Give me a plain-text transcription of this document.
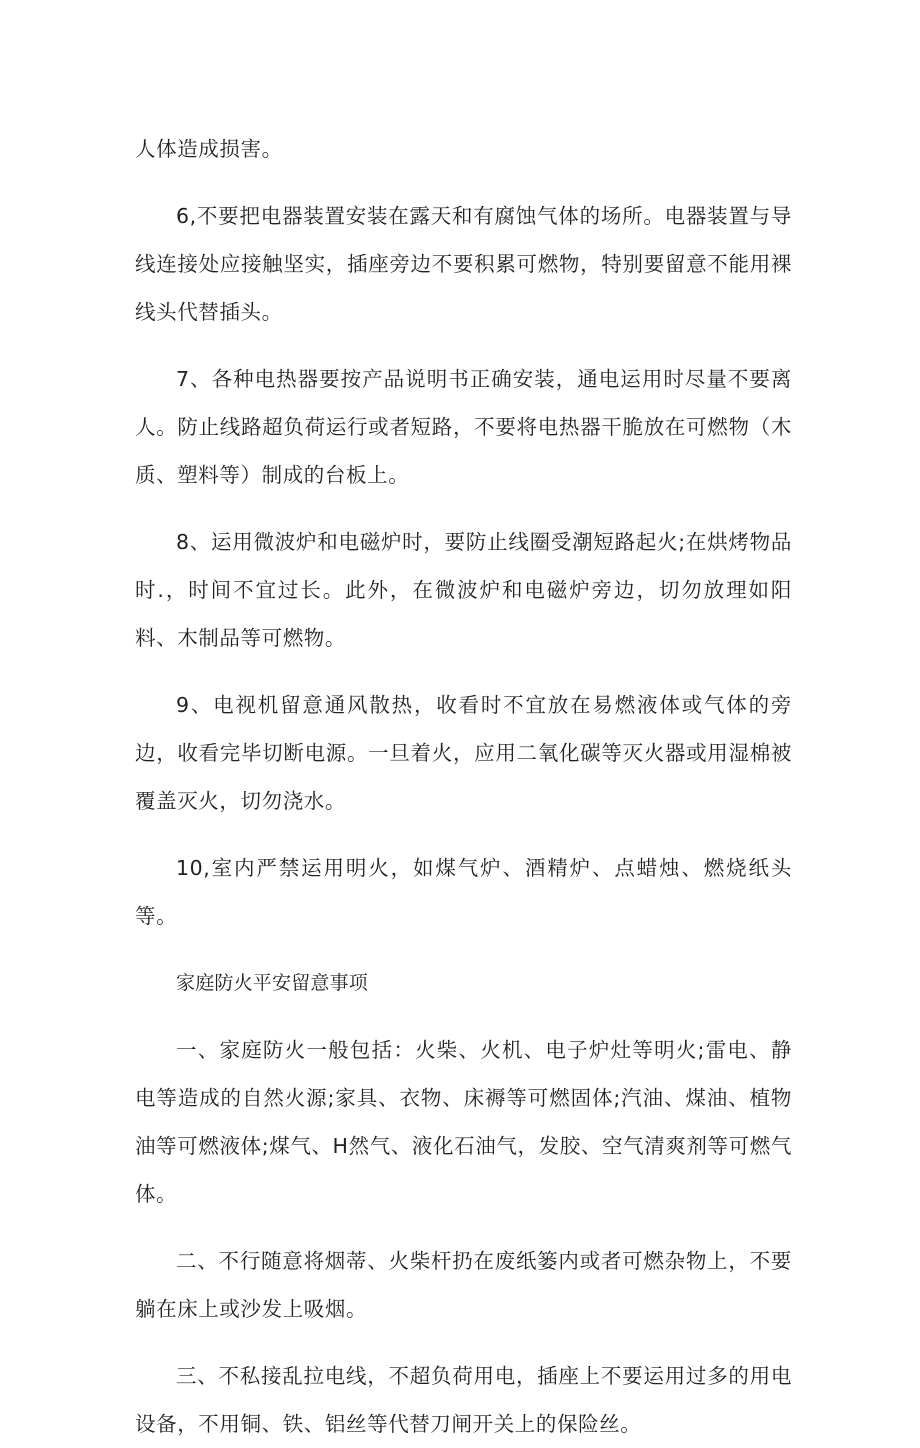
人体造成损害。

6,不要把电器装置安装在露天和有腐蚀气体的场所。电器装置与导线连接处应接触坚实，插座旁边不要积累可燃物，特别要留意不能用裸线头代替插头。

7、各种电热器要按产品说明书正确安装，通电运用时尽量不要离人。防止线路超负荷运行或者短路，不要将电热器干脆放在可燃物（木质、塑料等）制成的台板上。

8、运用微波炉和电磁炉时，要防止线圈受潮短路起火;在烘烤物品时.，时间不宜过长。此外，在微波炉和电磁炉旁边，切勿放理如阳料、木制品等可燃物。

9、电视机留意通风散热，收看时不宜放在易燃液体或气体的旁边，收看完毕切断电源。一旦着火，应用二氧化碳等灭火器或用湿棉被覆盖灭火，切勿浇水。

10,室内严禁运用明火，如煤气炉、酒精炉、点蜡烛、燃烧纸头等。

家庭防火平安留意事项

一、家庭防火一般包括：火柴、火机、电子炉灶等明火;雷电、静电等造成的自然火源;家具、衣物、床褥等可燃固体;汽油、煤油、植物油等可燃液体;煤气、H然气、液化石油气，发胶、空气清爽剂等可燃气体。

二、不行随意将烟蒂、火柴杆扔在废纸篓内或者可燃杂物上，不要躺在床上或沙发上吸烟。

三、不私接乱拉电线，不超负荷用电，插座上不要运用过多的用电设备，不用铜、铁、铝丝等代替刀闸开关上的保险丝。
